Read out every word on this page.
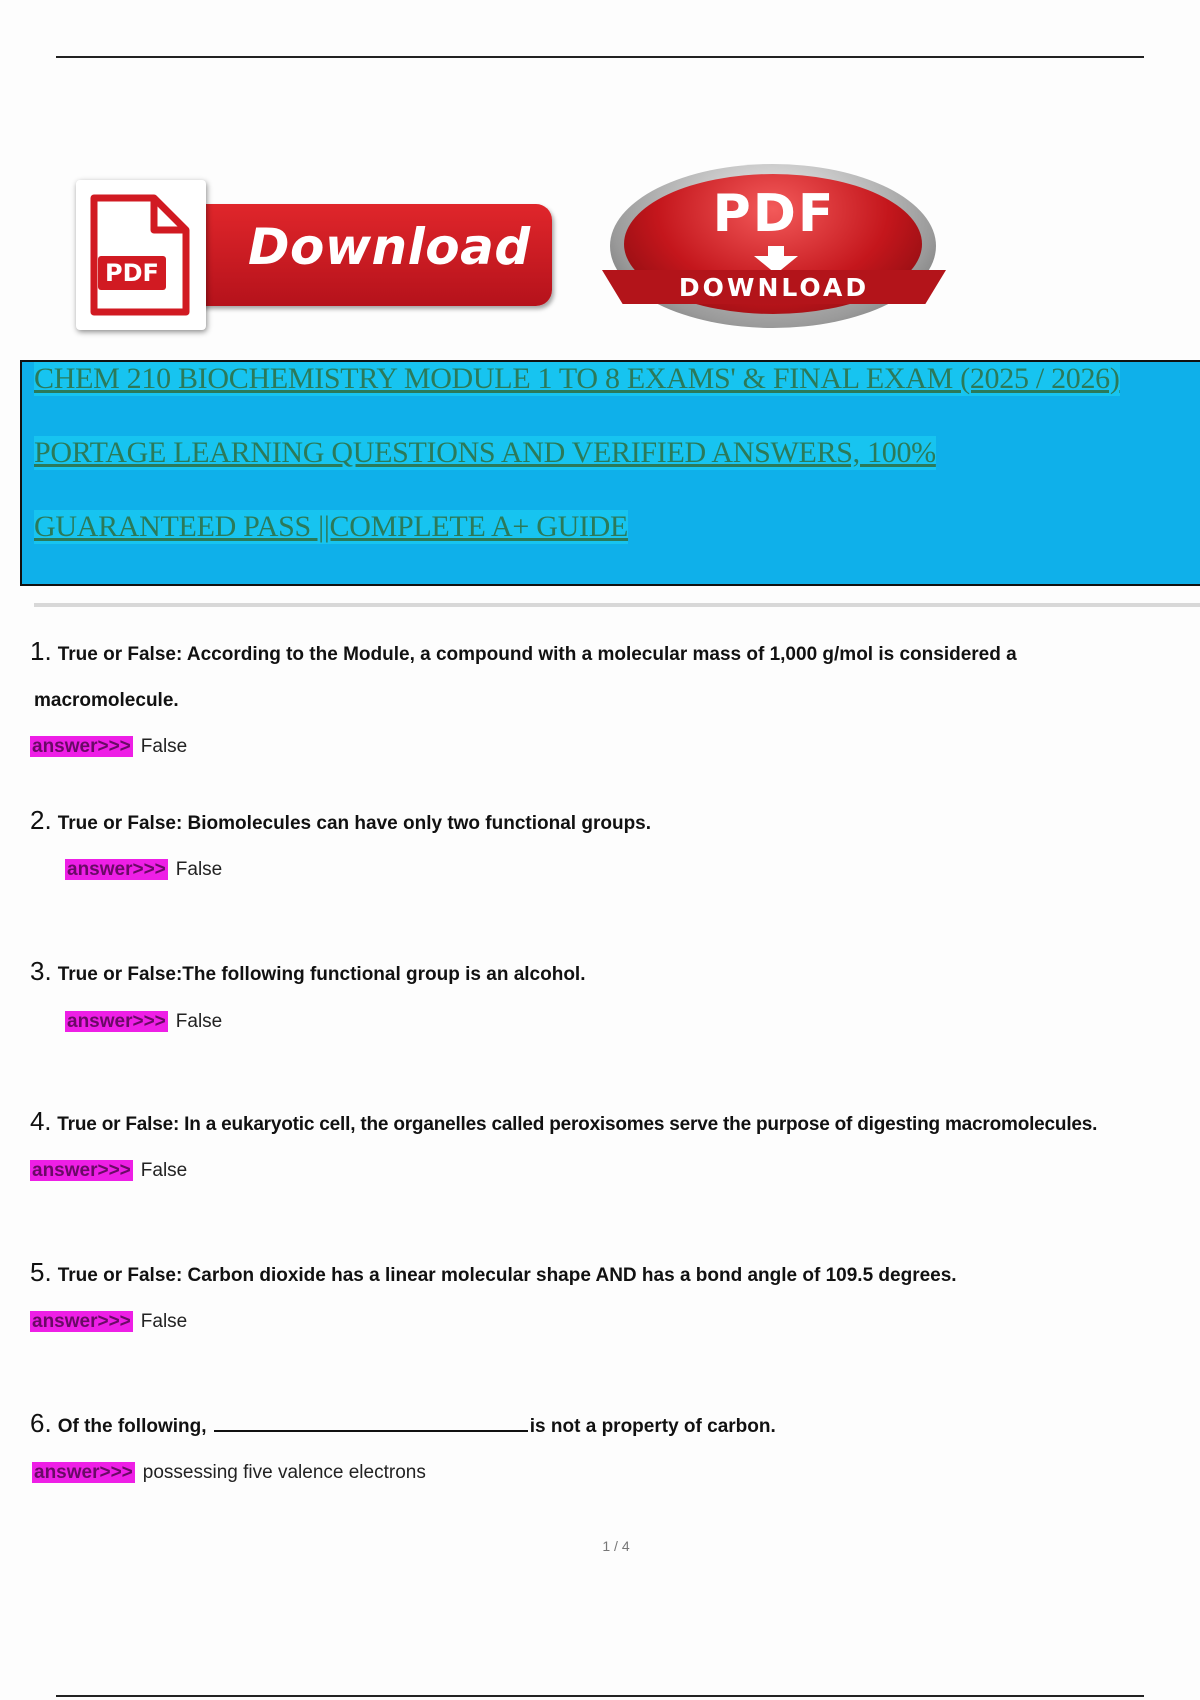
Download
PDF
PDF
DOWNLOAD
CHEM 210 BIOCHEMISTRY MODULE 1 TO 8 EXAMS' & FINAL EXAM (2025 / 2026)
PORTAGE LEARNING QUESTIONS AND VERIFIED ANSWERS, 100%
GUARANTEED PASS ||COMPLETE A+ GUIDE
1. True or False: According to the Module, a compound with a molecular mass of 1,000 g/mol is considered a
macromolecule.
answer>>> False
2. True or False: Biomolecules can have only two functional groups.
answer>>> False
3. True or False:The following functional group is an alcohol.
answer>>> False
4. True or False: In a eukaryotic cell, the organelles called peroxisomes serve the purpose of digesting macromolecules.
answer>>> False
5. True or False: Carbon dioxide has a linear molecular shape AND has a bond angle of 109.5 degrees.
answer>>> False
6. Of the following,	is not a property of carbon.
answer>>> possessing five valence electrons
1 / 4
